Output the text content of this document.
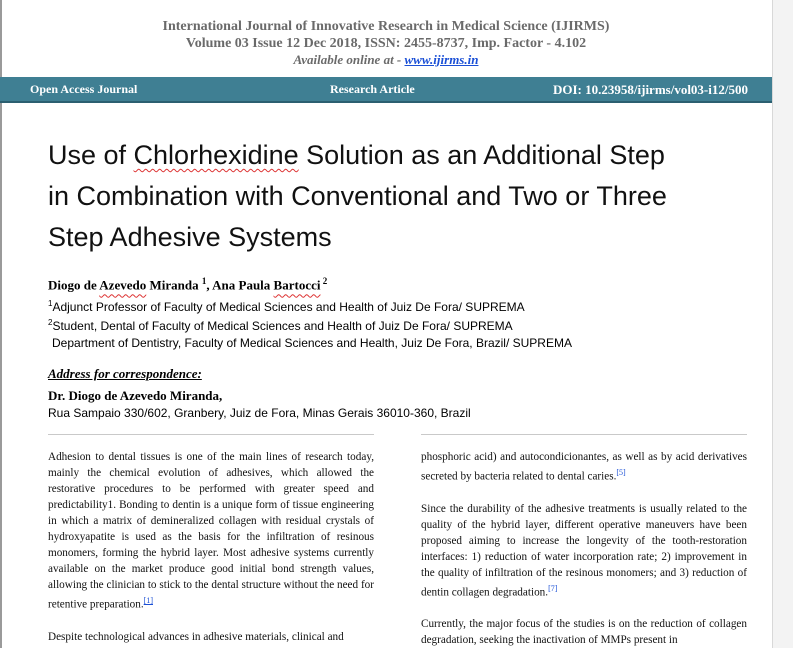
International Journal of Innovative Research in Medical Science (IJIRMS)
Volume 03 Issue 12 Dec 2018, ISSN: 2455-8737, Imp. Factor - 4.102
Available online at - www.ijirms.in
Open Access Journal	Research Article	DOI: 10.23958/ijirms/vol03-i12/500
Use of Chlorhexidine Solution as an Additional Step
in Combination with Conventional and Two or Three
Step Adhesive Systems
Diogo de Azevedo Miranda $^1$, Ana Paula Bartocci $^2$
$^1$Adjunct Professor of Faculty of Medical Sciences and Health of Juiz De Fora/ SUPREMA
$^2$Student, Dental of Faculty of Medical Sciences and Health of Juiz De Fora/ SUPREMA
Department of Dentistry, Faculty of Medical Sciences and Health, Juiz De Fora, Brazil/ SUPREMA
Address for correspondence:
Dr. Diogo de Azevedo Miranda,
Rua Sampaio 330/602, Granbery, Juiz de Fora, Minas Gerais 36010-360, Brazil

Adhesion to dental tissues is one of the main lines of research today, mainly the chemical evolution of adhesives, which allowed the restorative procedures to be performed with greater speed and predictability1. Bonding to dentin is a unique form of tissue engineering in which a matrix of demineralized collagen with residual crystals of hydroxyapatite is used as the basis for the infiltration of resinous monomers, forming the hybrid layer. Most adhesive systems currently available on the market produce good initial bond strength values, allowing the clinician to stick to the dental structure without the need for retentive preparation.[1]

Despite technological advances in adhesive materials, clinical and

phosphoric acid) and autocondicionantes, as well as by acid derivatives secreted by bacteria related to dental caries.[5]

Since the durability of the adhesive treatments is usually related to the quality of the hybrid layer, different operative maneuvers have been proposed aiming to increase the longevity of the tooth-restoration interfaces: 1) reduction of water incorporation rate; 2) improvement in the quality of infiltration of the resinous monomers; and 3) reduction of dentin collagen degradation.[7]

Currently, the major focus of the studies is on the reduction of collagen degradation, seeking the inactivation of MMPs present in
